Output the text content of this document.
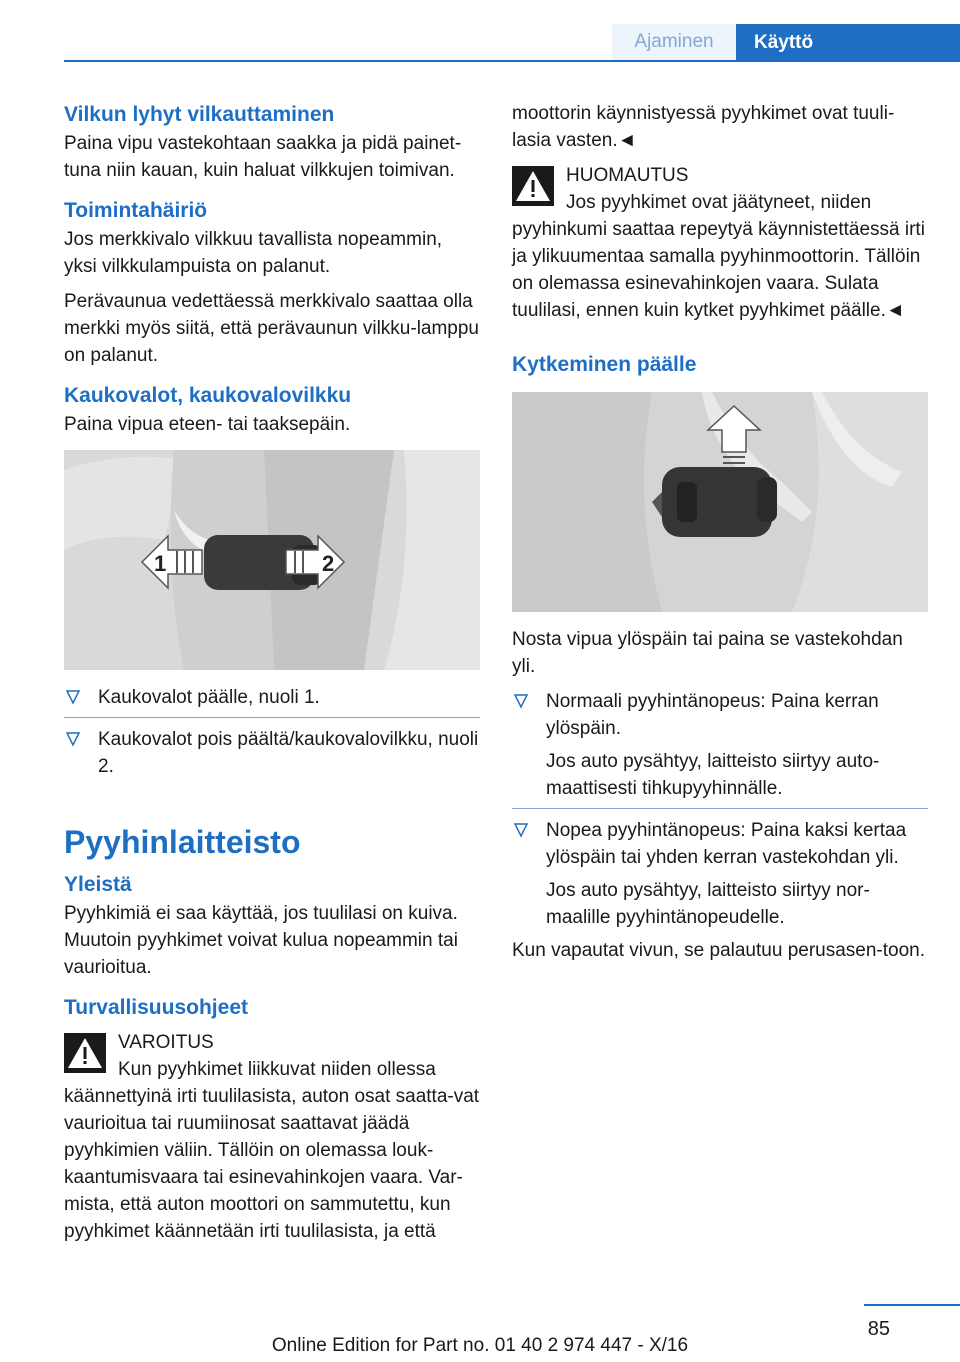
Ajaminen	Käyttö
Vilkun lyhyt vilkauttaminen
Paina vipu vastekohtaan saakka ja pidä painet-tuna niin kauan, kuin haluat vilkkujen toimivan.
Toimintahäiriö
Jos merkkivalo vilkkuu tavallista nopeammin, yksi vilkkulampuista on palanut.
Perävaunua vedettäessä merkkivalo saattaa olla merkki myös siitä, että perävaunun vilkku-lamppu on palanut.
Kaukovalot, kaukovalovilkku
Paina vipua eteen- tai taaksepäin.
1	2
Kaukovalot päälle, nuoli 1.
Kaukovalot pois päältä/kaukovalovilkku, nuoli 2.
Pyyhinlaitteisto
Yleistä
Pyyhkimiä ei saa käyttää, jos tuulilasi on kuiva. Muutoin pyyhkimet voivat kulua nopeammin tai vaurioitua.
Turvallisuusohjeet
VAROITUS
Kun pyyhkimet liikkuvat niiden ollessa käännettyinä irti tuulilasista, auton osat saatta-vat vaurioitua tai ruumiinosat saattavat jäädä pyyhkimien väliin. Tällöin on olemassa louk-kaantumisvaara tai esinevahinkojen vaara. Var-mista, että auton moottori on sammutettu, kun pyyhkimet käännetään irti tuulilasista, ja että
moottorin käynnistyessä pyyhkimet ovat tuuli-lasia vasten.◄
HUOMAUTUS
Jos pyyhkimet ovat jäätyneet, niiden pyyhinkumi saattaa repeytyä käynnistettäessä irti ja ylikuumentaa samalla pyyhinmoottorin. Tällöin on olemassa esinevahinkojen vaara. Sulata tuulilasi, ennen kuin kytket pyyhkimet päälle.◄
Kytkeminen päälle
Nosta vipua ylöspäin tai paina se vastekohdan yli.
Normaali pyyhintänopeus: Paina kerran ylöspäin.
Jos auto pysähtyy, laitteisto siirtyy auto-maattisesti tihkupyyhinnälle.
Nopea pyyhintänopeus: Paina kaksi kertaa ylöspäin tai yhden kerran vastekohdan yli.
Jos auto pysähtyy, laitteisto siirtyy nor-maalille pyyhintänopeudelle.
Kun vapautat vivun, se palautuu perusasen-toon.
85
Online Edition for Part no. 01 40 2 974 447 - X/16
